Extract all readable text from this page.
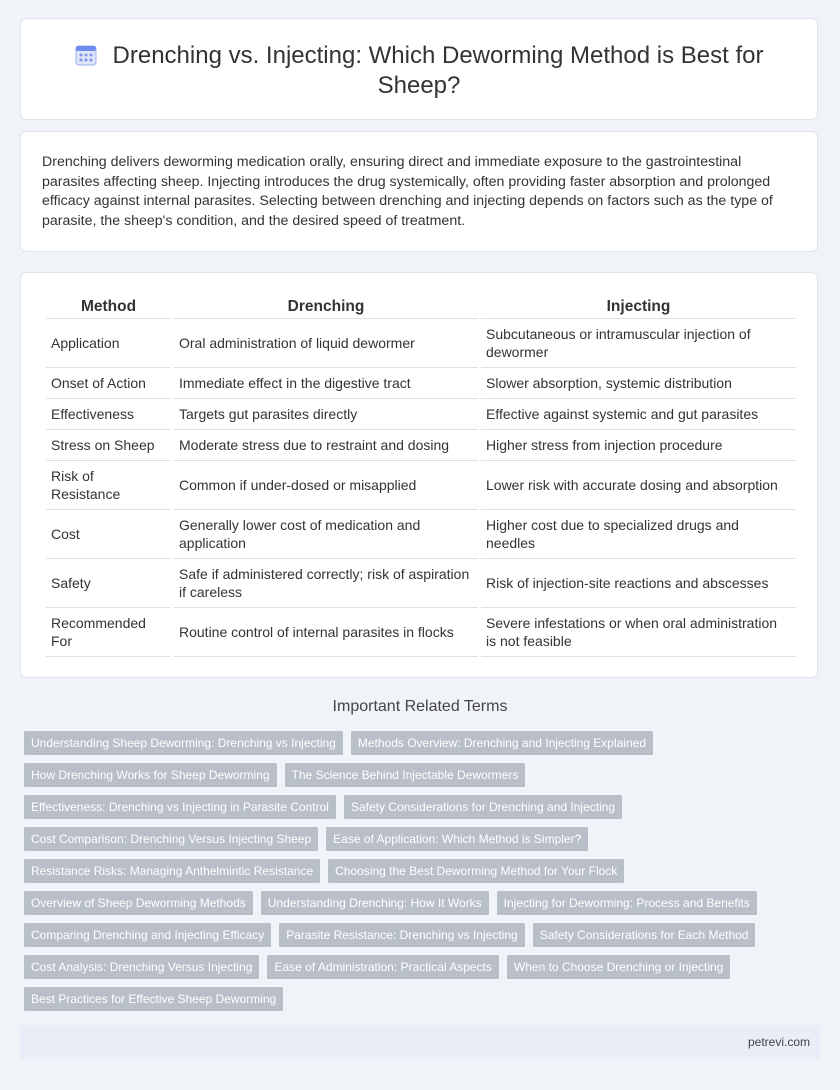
Drenching vs. Injecting: Which Deworming Method is Best for Sheep?

Drenching delivers deworming medication orally, ensuring direct and immediate exposure to the gastrointestinal parasites affecting sheep. Injecting introduces the drug systemically, often providing faster absorption and prolonged efficacy against internal parasites. Selecting between drenching and injecting depends on factors such as the type of parasite, the sheep's condition, and the desired speed of treatment.

Method	Drenching	Injecting
Application	Oral administration of liquid dewormer	Subcutaneous or intramuscular injection of dewormer
Onset of Action	Immediate effect in the digestive tract	Slower absorption, systemic distribution
Effectiveness	Targets gut parasites directly	Effective against systemic and gut parasites
Stress on Sheep	Moderate stress due to restraint and dosing	Higher stress from injection procedure
Risk of Resistance	Common if under-dosed or misapplied	Lower risk with accurate dosing and absorption
Cost	Generally lower cost of medication and application	Higher cost due to specialized drugs and needles
Safety	Safe if administered correctly; risk of aspiration if careless	Risk of injection-site reactions and abscesses
Recommended For	Routine control of internal parasites in flocks	Severe infestations or when oral administration is not feasible
Important Related Terms
Understanding Sheep Deworming: Drenching vs Injecting Methods Overview: Drenching and Injecting Explained
How Drenching Works for Sheep Deworming The Science Behind Injectable Dewormers
Effectiveness: Drenching vs Injecting in Parasite Control Safety Considerations for Drenching and Injecting
Cost Comparison: Drenching Versus Injecting Sheep Ease of Application: Which Method is Simpler?
Resistance Risks: Managing Anthelmintic Resistance Choosing the Best Deworming Method for Your Flock
Overview of Sheep Deworming Methods Understanding Drenching: How It Works Injecting for Deworming: Process and Benefits
Comparing Drenching and Injecting Efficacy Parasite Resistance: Drenching vs Injecting Safety Considerations for Each Method
Cost Analysis: Drenching Versus Injecting Ease of Administration: Practical Aspects When to Choose Drenching or Injecting
Best Practices for Effective Sheep Deworming
petrevi.com
